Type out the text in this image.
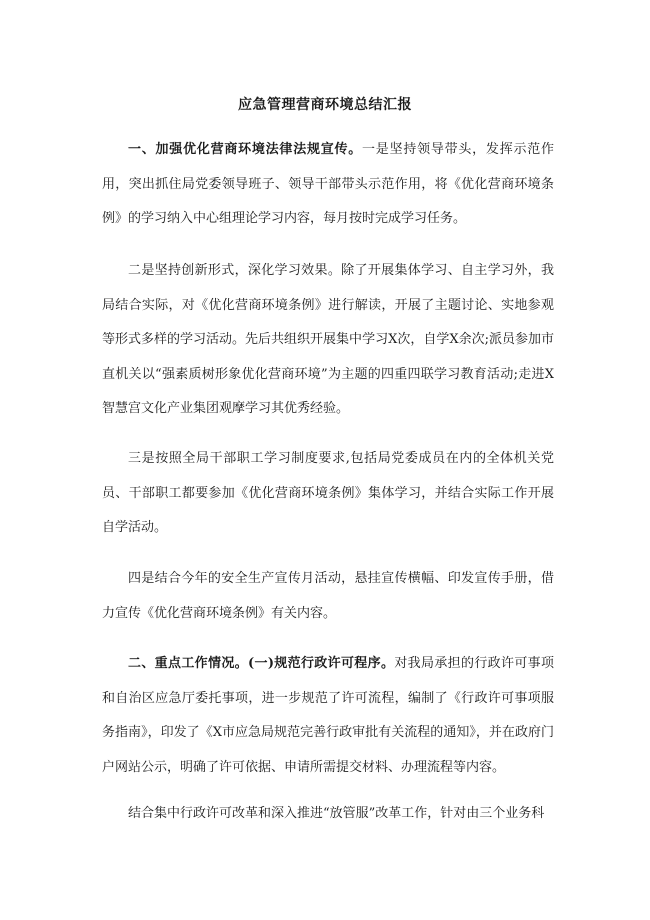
应急管理营商环境总结汇报

一、加强优化营商环境法律法规宣传。一是坚持领导带头，发挥示范作用，突出抓住局党委领导班子、领导干部带头示范作用，将《优化营商环境条例》的学习纳入中心组理论学习内容，每月按时完成学习任务。

二是坚持创新形式，深化学习效果。除了开展集体学习、自主学习外，我局结合实际，对《优化营商环境条例》进行解读，开展了主题讨论、实地参观等形式多样的学习活动。先后共组织开展集中学习X次，自学X余次;派员参加市直机关以“强素质树形象优化营商环境”为主题的四重四联学习教育活动;走进X智慧宫文化产业集团观摩学习其优秀经验。

三是按照全局干部职工学习制度要求,包括局党委成员在内的全体机关党员、干部职工都要参加《优化营商环境条例》集体学习，并结合实际工作开展自学活动。

四是结合今年的安全生产宣传月活动，悬挂宣传横幅、印发宣传手册，借力宣传《优化营商环境条例》有关内容。

二、重点工作情况。(一)规范行政许可程序。对我局承担的行政许可事项和自治区应急厅委托事项，进一步规范了许可流程，编制了《行政许可事项服务指南》，印发了《X市应急局规范完善行政审批有关流程的通知》，并在政府门户网站公示，明确了许可依据、申请所需提交材料、办理流程等内容。

结合集中行政许可改革和深入推进“放管服”改革工作，针对由三个业务科
